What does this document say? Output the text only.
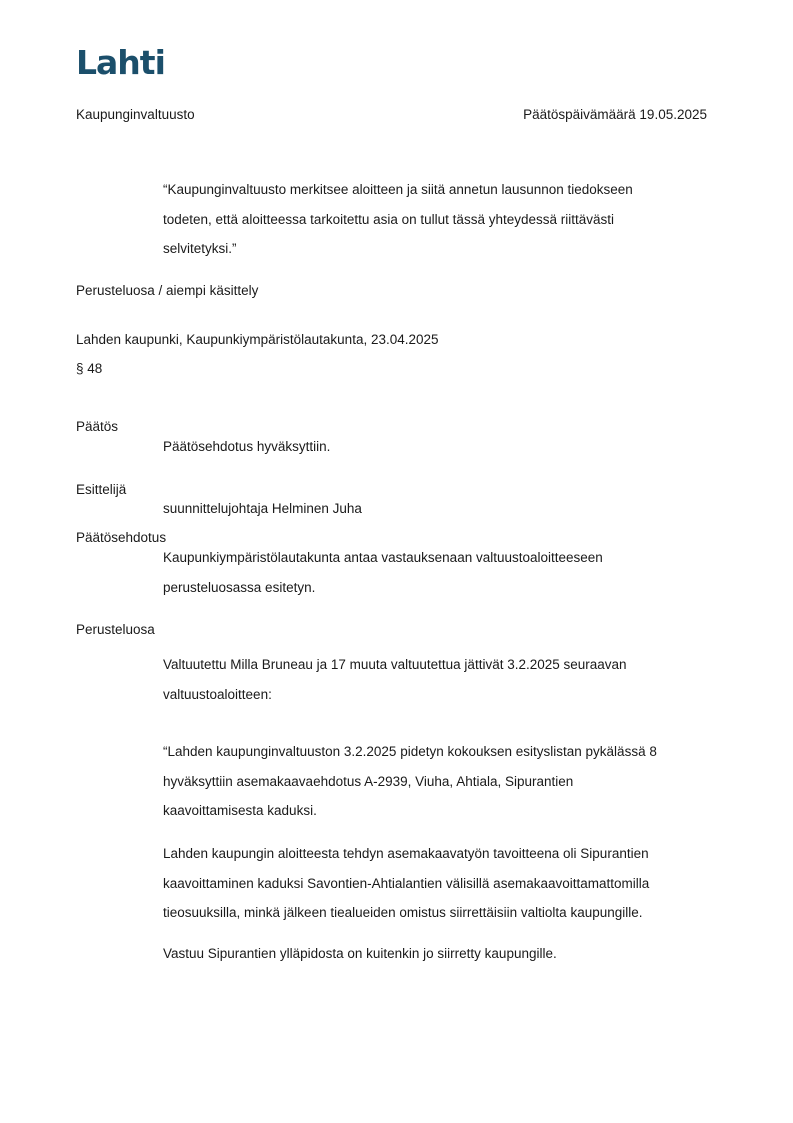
Lahti
Kaupunginvaltuusto	Päätöspäivämäärä 19.05.2025
“Kaupunginvaltuusto merkitsee aloitteen ja siitä annetun lausunnon tiedokseen
todeten, että aloitteessa tarkoitettu asia on tullut tässä yhteydessä riittävästi
selvitetyksi.”
Perusteluosa / aiempi käsittely
Lahden kaupunki, Kaupunkiympäristölautakunta, 23.04.2025
§ 48
Päätös
Päätösehdotus hyväksyttiin.
Esittelijä
suunnittelujohtaja Helminen Juha
Päätösehdotus
Kaupunkiympäristölautakunta antaa vastauksenaan valtuustoaloitteeseen
perusteluosassa esitetyn.
Perusteluosa
Valtuutettu Milla Bruneau ja 17 muuta valtuutettua jättivät 3.2.2025 seuraavan
valtuustoaloitteen:
“Lahden kaupunginvaltuuston 3.2.2025 pidetyn kokouksen esityslistan pykälässä 8
hyväksyttiin asemakaavaehdotus A-2939, Viuha, Ahtiala, Sipurantien
kaavoittamisesta kaduksi.
Lahden kaupungin aloitteesta tehdyn asemakaavatyön tavoitteena oli Sipurantien
kaavoittaminen kaduksi Savontien-Ahtialantien välisillä asemakaavoittamattomilla
tieosuuksilla, minkä jälkeen tiealueiden omistus siirrettäisiin valtiolta kaupungille.
Vastuu Sipurantien ylläpidosta on kuitenkin jo siirretty kaupungille.
